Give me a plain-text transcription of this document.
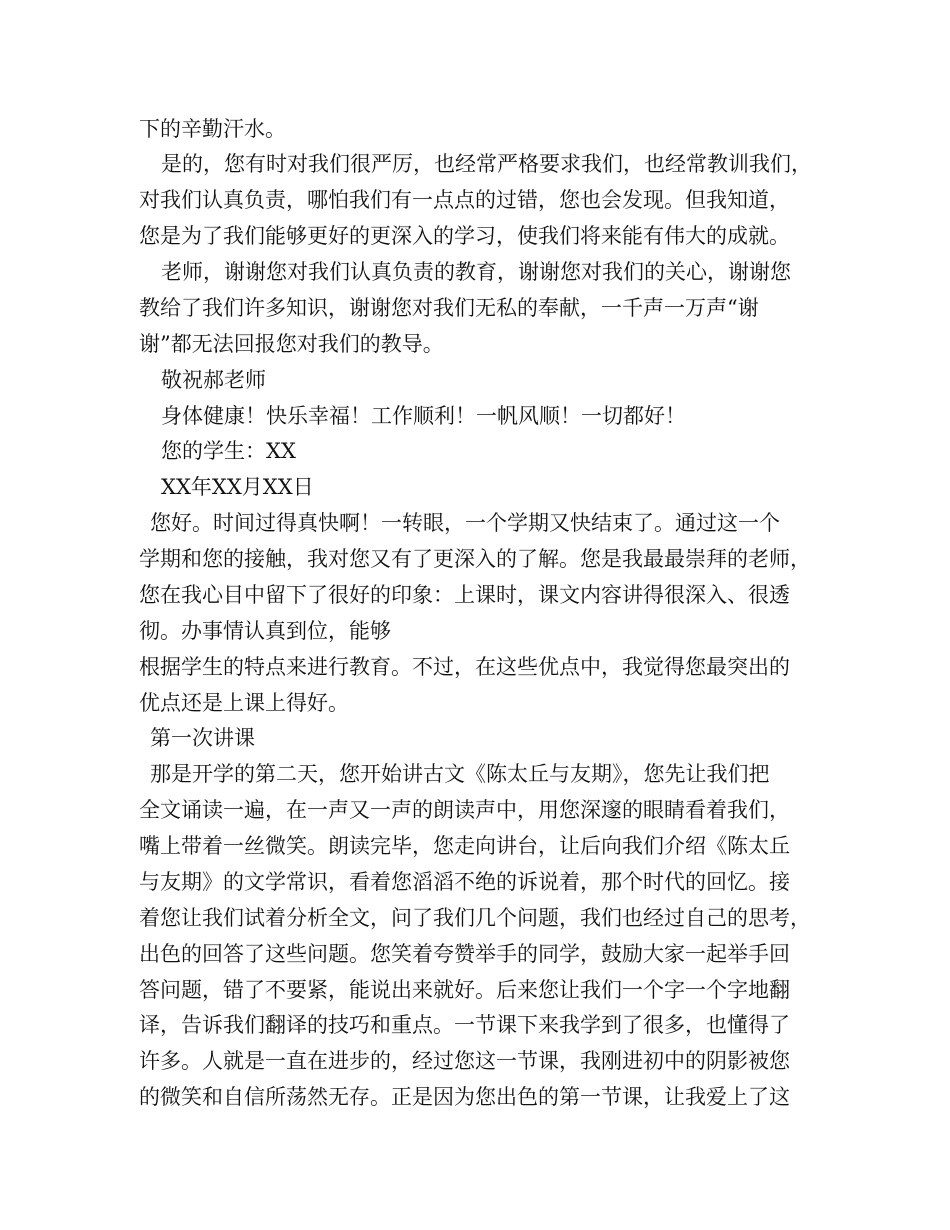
下的辛勤汗水。
是的，您有时对我们很严厉，也经常严格要求我们，也经常教训我们，
对我们认真负责，哪怕我们有一点点的过错，您也会发现。但我知道，
您是为了我们能够更好的更深入的学习，使我们将来能有伟大的成就。
老师，谢谢您对我们认真负责的教育，谢谢您对我们的关心，谢谢您
教给了我们许多知识，谢谢您对我们无私的奉献，一千声一万声“谢
谢”都无法回报您对我们的教导。
敬祝郝老师
身体健康！快乐幸福！工作顺利！一帆风顺！一切都好！
您的学生：XX
XX年XX月XX日
您好。时间过得真快啊！一转眼，一个学期又快结束了。通过这一个
学期和您的接触，我对您又有了更深入的了解。您是我最最崇拜的老师，
您在我心目中留下了很好的印象：上课时，课文内容讲得很深入、很透
彻。办事情认真到位，能够
根据学生的特点来进行教育。不过，在这些优点中，我觉得您最突出的
优点还是上课上得好。
第一次讲课
那是开学的第二天，您开始讲古文《陈太丘与友期》，您先让我们把
全文诵读一遍，在一声又一声的朗读声中，用您深邃的眼睛看着我们，
嘴上带着一丝微笑。朗读完毕，您走向讲台，让后向我们介绍《陈太丘
与友期》的文学常识，看着您滔滔不绝的诉说着，那个时代的回忆。接
着您让我们试着分析全文，问了我们几个问题，我们也经过自己的思考，
出色的回答了这些问题。您笑着夸赞举手的同学，鼓励大家一起举手回
答问题，错了不要紧，能说出来就好。后来您让我们一个字一个字地翻
译，告诉我们翻译的技巧和重点。一节课下来我学到了很多，也懂得了
许多。人就是一直在进步的，经过您这一节课，我刚进初中的阴影被您
的微笑和自信所荡然无存。正是因为您出色的第一节课，让我爱上了这
